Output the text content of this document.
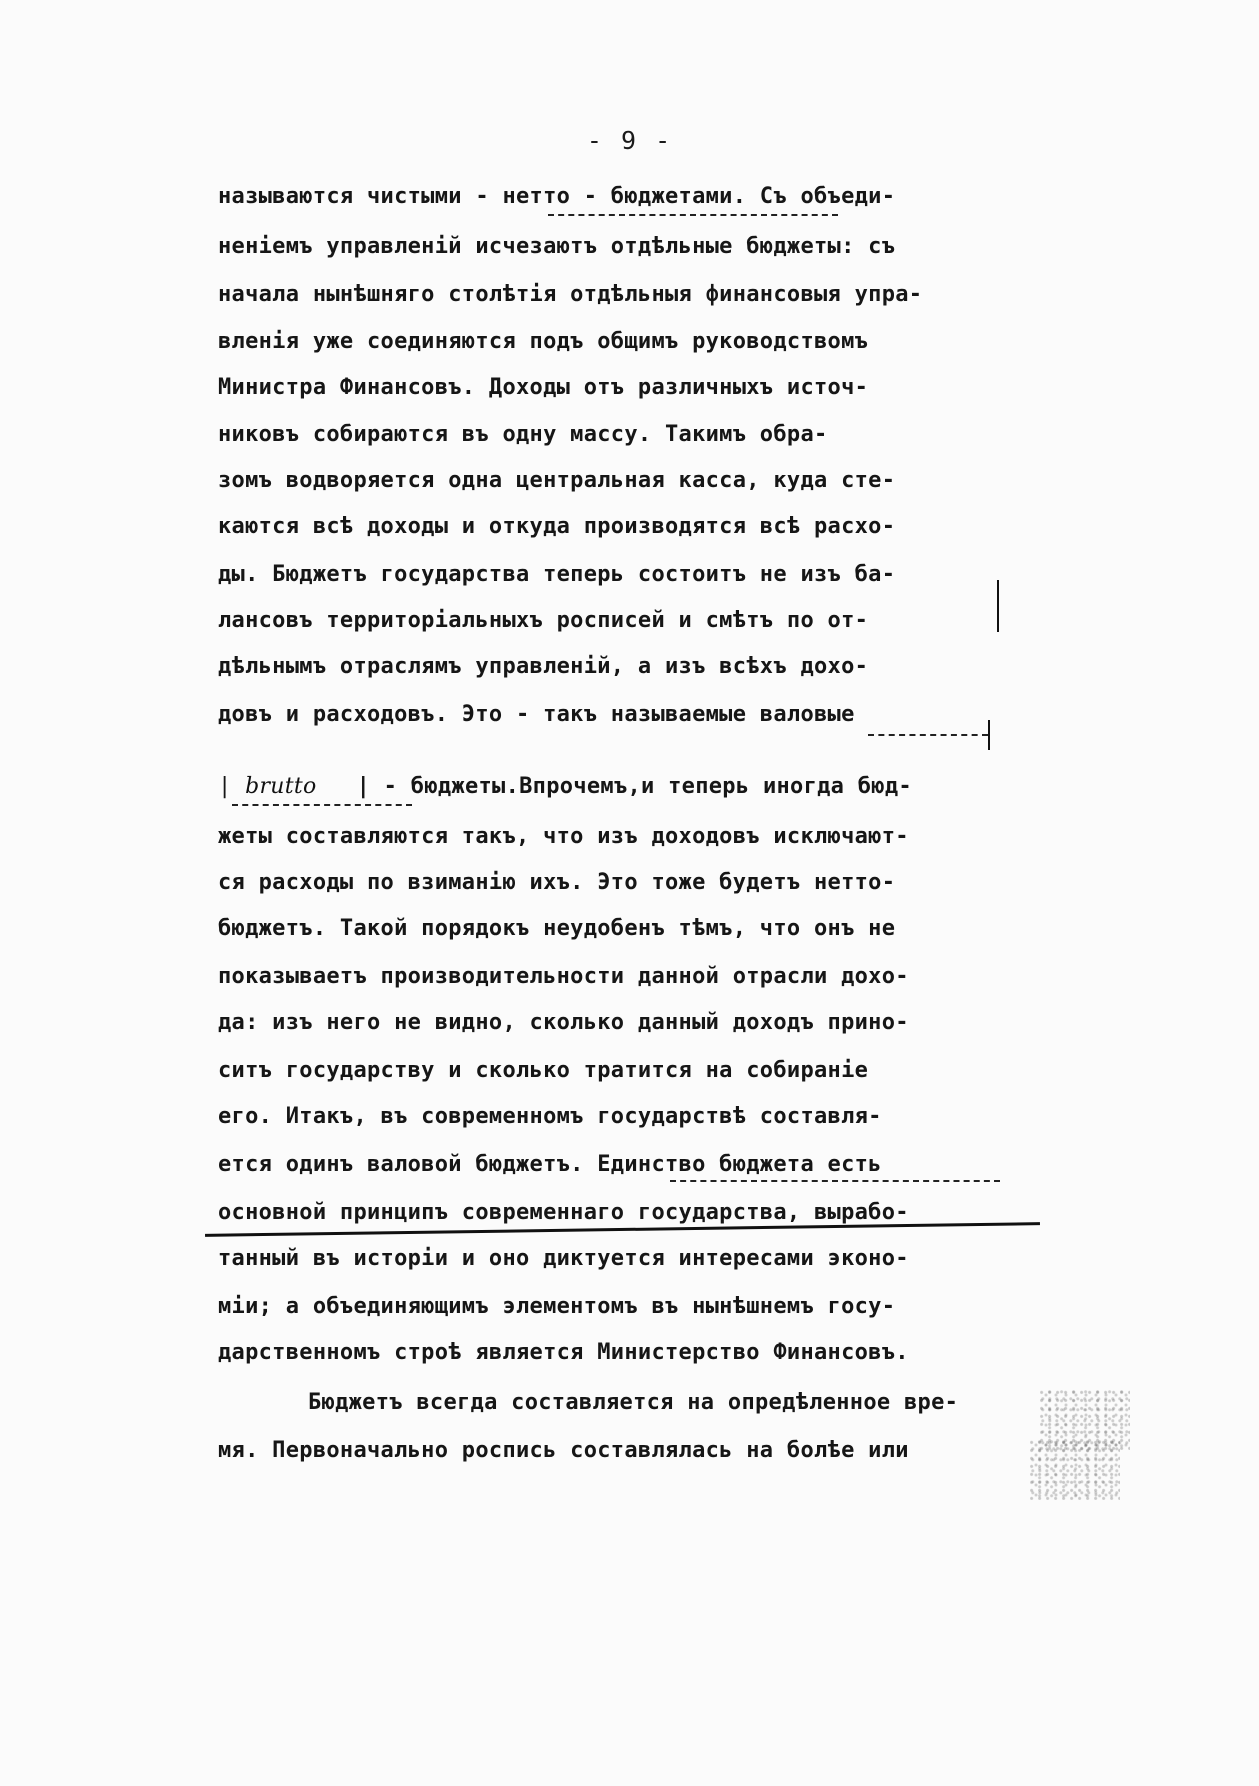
- 9 -
называются чистыми - нетто - бюджетами. Съ объеди-
неніемъ управленій исчезаютъ отдѣльные бюджеты: съ
начала нынѣшняго столѣтія отдѣльныя финансовыя упра-
вленія уже соединяются подъ общимъ руководствомъ
Министра Финансовъ. Доходы отъ различныхъ источ-
никовъ собираются въ одну массу. Такимъ обра-
зомъ водворяется одна центральная касса, куда сте-
каются всѣ доходы и откуда производятся всѣ расхо-
ды. Бюджетъ государства теперь состоитъ не изъ ба-
лансовъ территоріальныхъ росписей и смѣтъ по от-
дѣльнымъ отраслямъ управленій, а изъ всѣхъ дохо-
довъ и расходовъ. Это - такъ называемые валовые
| brutto | - бюджеты.Впрочемъ,и теперь иногда бюд-
жеты составляются такъ, что изъ доходовъ исключают-
ся расходы по взиманію ихъ. Это тоже будетъ нетто-
бюджетъ. Такой порядокъ неудобенъ тѣмъ, что онъ не
показываетъ производительности данной отрасли дохо-
да: изъ него не видно, сколько данный доходъ прино-
ситъ государству и сколько тратится на собираніе
его. Итакъ, въ современномъ государствѣ составля-
ется одинъ валовой бюджетъ. Единство бюджета есть
основной принципъ современнаго государства, вырабо-
танный въ исторіи и оно диктуется интересами эконо-
міи; а объединяющимъ элементомъ въ нынѣшнемъ госу-
дарственномъ строѣ является Министерство Финансовъ.
Бюджетъ всегда составляется на опредѣленное вре-
мя. Первоначально роспись составлялась на болѣе или
